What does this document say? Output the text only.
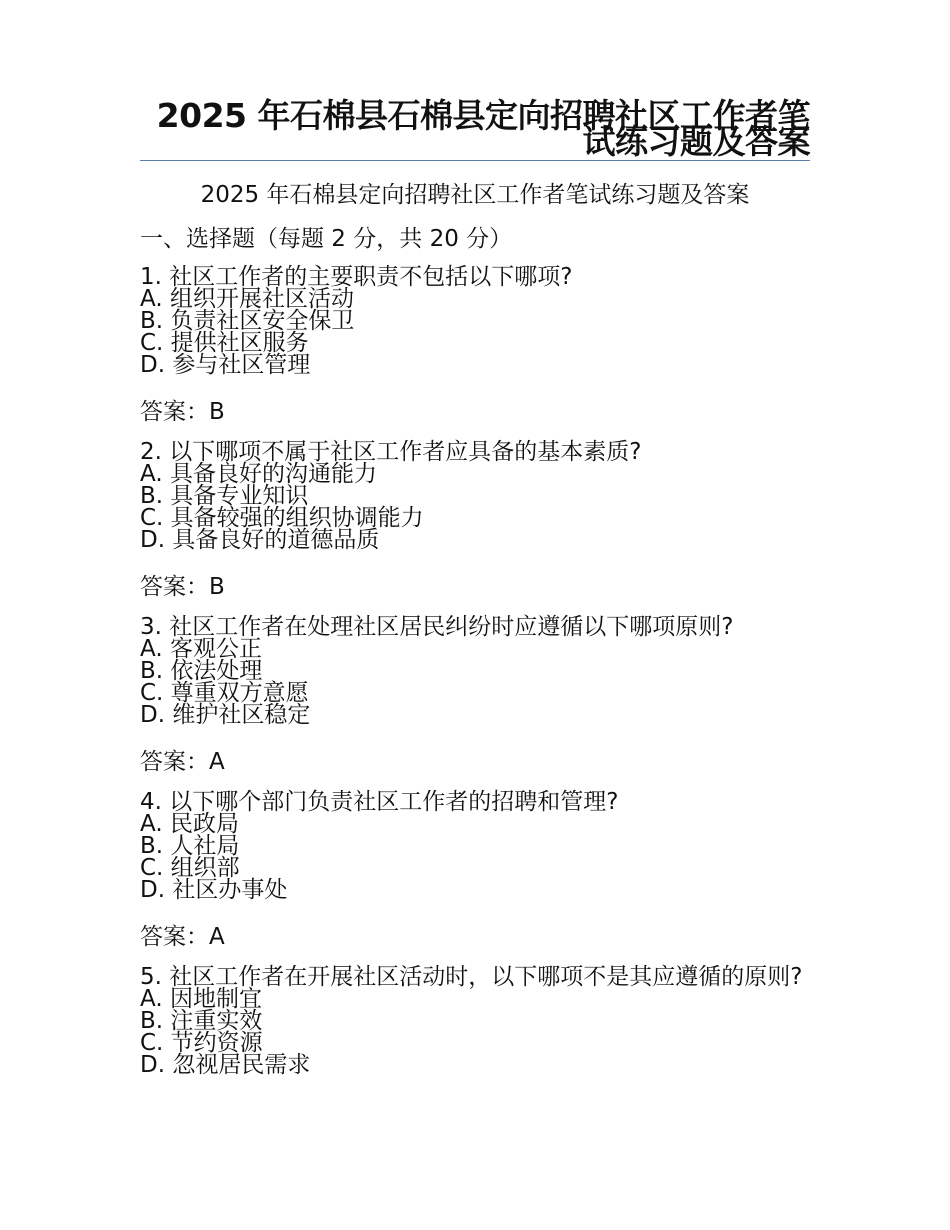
2025 年石棉县石棉县定向招聘社区工作者笔试练习题及答案
2025 年石棉县定向招聘社区工作者笔试练习题及答案
一、选择题（每题 2 分，共 20 分）
1. 社区工作者的主要职责不包括以下哪项?
A. 组织开展社区活动
B. 负责社区安全保卫
C. 提供社区服务
D. 参与社区管理
答案：B
2. 以下哪项不属于社区工作者应具备的基本素质?
A. 具备良好的沟通能力
B. 具备专业知识
C. 具备较强的组织协调能力
D. 具备良好的道德品质
答案：B
3. 社区工作者在处理社区居民纠纷时应遵循以下哪项原则?
A. 客观公正
B. 依法处理
C. 尊重双方意愿
D. 维护社区稳定
答案：A
4. 以下哪个部门负责社区工作者的招聘和管理?
A. 民政局
B. 人社局
C. 组织部
D. 社区办事处
答案：A
5. 社区工作者在开展社区活动时，以下哪项不是其应遵循的原则?
A. 因地制宜
B. 注重实效
C. 节约资源
D. 忽视居民需求
